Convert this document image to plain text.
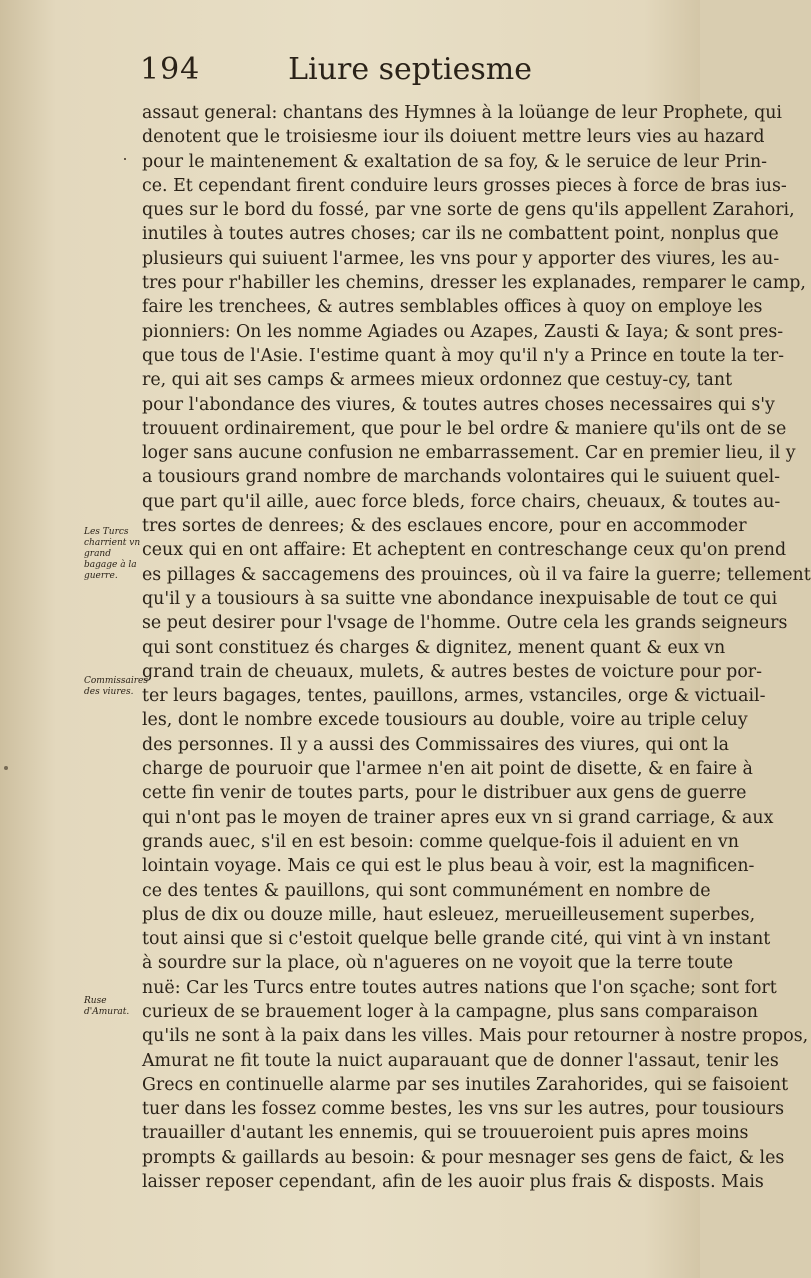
194	Liure septiesme
assaut general: chantans des Hymnes à la loüange de leur Prophete, qui
denotent que le troisiesme iour ils doiuent mettre leurs vies au hazard
pour le maintenement & exaltation de sa foy, & le seruice de leur Prin-
ce. Et cependant firent conduire leurs grosses pieces à force de bras ius-
ques sur le bord du fossé, par vne sorte de gens qu'ils appellent Zarahori,
inutiles à toutes autres choses; car ils ne combattent point, nonplus que
plusieurs qui suiuent l'armee, les vns pour y apporter des viures, les au-
tres pour r'habiller les chemins, dresser les explanades, remparer le camp,
faire les trenchees, & autres semblables offices à quoy on employe les
pionniers: On les nomme Agiades ou Azapes, Zausti & Iaya; & sont pres-
que tous de l'Asie. I'estime quant à moy qu'il n'y a Prince en toute la ter-
re, qui ait ses camps & armees mieux ordonnez que cestuy-cy, tant
pour l'abondance des viures, & toutes autres choses necessaires qui s'y
trouuent ordinairement, que pour le bel ordre & maniere qu'ils ont de se
loger sans aucune confusion ne embarrassement. Car en premier lieu, il y
a tousiours grand nombre de marchands volontaires qui le suiuent quel-
que part qu'il aille, auec force bleds, force chairs, cheuaux, & toutes au-
tres sortes de denrees; & des esclaues encore, pour en accommoder
ceux qui en ont affaire: Et acheptent en contreschange ceux qu'on prend
es pillages & saccagemens des prouinces, où il va faire la guerre; tellement
qu'il y a tousiours à sa suitte vne abondance inexpuisable de tout ce qui
se peut desirer pour l'vsage de l'homme. Outre cela les grands seigneurs
qui sont constituez és charges & dignitez, menent quant & eux vn
grand train de cheuaux, mulets, & autres bestes de voicture pour por-
ter leurs bagages, tentes, pauillons, armes, vstanciles, orge & victuail-
les, dont le nombre excede tousiours au double, voire au triple celuy
des personnes. Il y a aussi des Commissaires des viures, qui ont la
charge de pouruoir que l'armee n'en ait point de disette, & en faire à
cette fin venir de toutes parts, pour le distribuer aux gens de guerre
qui n'ont pas le moyen de trainer apres eux vn si grand carriage, & aux
grands auec, s'il en est besoin: comme quelque-fois il aduient en vn
lointain voyage. Mais ce qui est le plus beau à voir, est la magnificen-
ce des tentes & pauillons, qui sont communément en nombre de
plus de dix ou douze mille, haut esleuez, merueilleusement superbes,
tout ainsi que si c'estoit quelque belle grande cité, qui vint à vn instant
à sourdre sur la place, où n'agueres on ne voyoit que la terre toute
nuë: Car les Turcs entre toutes autres nations que l'on sçache; sont fort
curieux de se brauement loger à la campagne, plus sans comparaison
qu'ils ne sont à la paix dans les villes. Mais pour retourner à nostre propos,
Amurat ne fit toute la nuict auparauant que de donner l'assaut, tenir les
Grecs en continuelle alarme par ses inutiles Zarahorides, qui se faisoient
tuer dans les fossez comme bestes, les vns sur les autres, pour tousiours
trauailler d'autant les ennemis, qui se trouueroient puis apres moins
prompts & gaillards au besoin: & pour mesnager ses gens de faict, & les
laisser reposer cependant, afin de les auoir plus frais & disposts. Mais
Les Turcs charrient vn grand bagage à la guerre.
Commissaires des viures.
Ruse d'Amurat.
